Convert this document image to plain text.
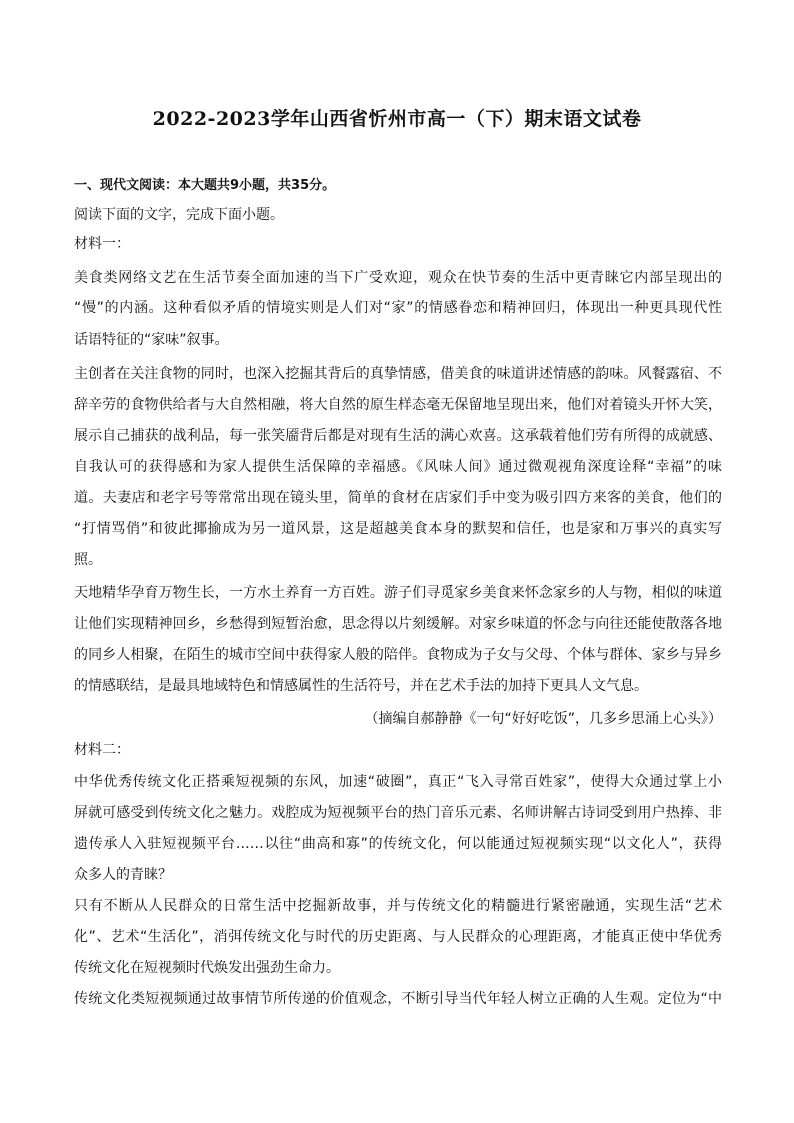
2022-2023学年山西省忻州市高一（下）期末语文试卷
一、现代文阅读：本大题共9小题，共35分。
阅读下面的文字，完成下面小题。
材料一：
美食类网络文艺在生活节奏全面加速的当下广受欢迎，观众在快节奏的生活中更青睐它内部呈现出的
“慢”的内涵。这种看似矛盾的情境实则是人们对“家”的情感眷恋和精神回归，体现出一种更具现代性
话语特征的“家味”叙事。
主创者在关注食物的同时，也深入挖掘其背后的真挚情感，借美食的味道讲述情感的韵味。风餐露宿、不
辞辛劳的食物供给者与大自然相融，将大自然的原生样态毫无保留地呈现出来，他们对着镜头开怀大笑，
展示自己捕获的战利品，每一张笑靥背后都是对现有生活的满心欢喜。这承载着他们劳有所得的成就感、
自我认可的获得感和为家人提供生活保障的幸福感。《风味人间》通过微观视角深度诠释“幸福”的味
道。夫妻店和老字号等常常出现在镜头里，简单的食材在店家们手中变为吸引四方来客的美食，他们的
“打情骂俏”和彼此揶揄成为另一道风景，这是超越美食本身的默契和信任，也是家和万事兴的真实写
照。
天地精华孕育万物生长，一方水土养育一方百姓。游子们寻觅家乡美食来怀念家乡的人与物，相似的味道
让他们实现精神回乡，乡愁得到短暂治愈，思念得以片刻缓解。对家乡味道的怀念与向往还能使散落各地
的同乡人相聚，在陌生的城市空间中获得家人般的陪伴。食物成为子女与父母、个体与群体、家乡与异乡
的情感联结，是最具地域特色和情感属性的生活符号，并在艺术手法的加持下更具人文气息。
（摘编自郝静静《一句“好好吃饭”，几多乡思涌上心头》）
材料二：
中华优秀传统文化正搭乘短视频的东风，加速“破圈”，真正“飞入寻常百姓家”，使得大众通过掌上小
屏就可感受到传统文化之魅力。戏腔成为短视频平台的热门音乐元素、名师讲解古诗词受到用户热捧、非
遗传承人入驻短视频平台……以往“曲高和寡”的传统文化，何以能通过短视频实现“以文化人”，获得
众多人的青睐？
只有不断从人民群众的日常生活中挖掘新故事，并与传统文化的精髓进行紧密融通，实现生活“艺术
化”、艺术“生活化”，消弭传统文化与时代的历史距离、与人民群众的心理距离，才能真正使中华优秀
传统文化在短视频时代焕发出强劲生命力。
传统文化类短视频通过故事情节所传递的价值观念，不断引导当代年轻人树立正确的人生观。定位为“中
